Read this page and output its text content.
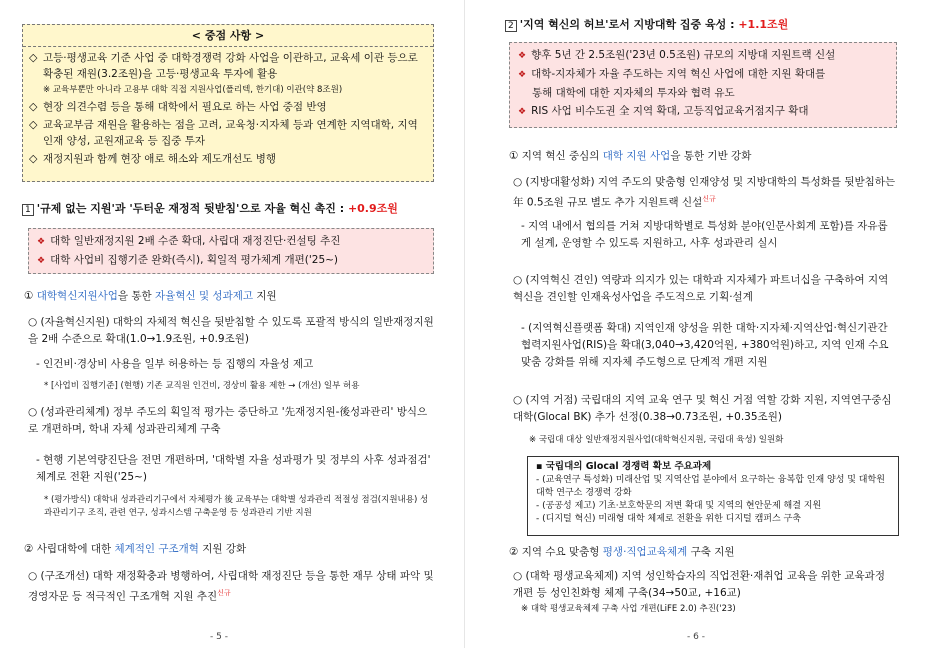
< 중점 사항 >
◇ 고등·평생교육 기준 사업 중 대학경쟁력 강화 사업을 이관하고, 교육세 이관 등으로 확충된 재원(3.2조원)을 고등·평생교육 투자에 활용
※ 교육부뿐만 아니라 고용부 대학 직접 지원사업(폴리텍, 한기대) 이관(약 8조원)
◇ 현장 의견수렴 등을 통해 대학에서 필요로 하는 사업 중점 반영
◇ 교육교부금 재원을 활용하는 점을 고려, 교육청·지자체 등과 연계한 지역대학, 지역인재 양성, 교원재교육 등 집중 투자
◇ 재정지원과 함께 현장 애로 해소와 제도개선도 병행
1 '규제 없는 지원'과 '두터운 재정적 뒷받침'으로 자율 혁신 촉진 : +0.9조원
❖ 대학 일반재정지원 2배 수준 확대, 사립대 재정진단·컨설팅 추진
❖ 대학 사업비 집행기준 완화(즉시), 획일적 평가체계 개편('25~)
① 대학혁신지원사업을 통한 자율혁신 및 성과제고 지원
○ (자율혁신지원) 대학의 자체적 혁신을 뒷받침할 수 있도록 포괄적 방식의 일반재정지원을 2배 수준으로 확대(1.0→1.9조원, +0.9조원)
- 인건비·경상비 사용을 일부 허용하는 등 집행의 자율성 제고
* [사업비 집행기준] (현행) 기존 교직원 인건비, 경상비 활용 제한 → (개선) 일부 허용
○ (성과관리체계) 정부 주도의 획일적 평가는 중단하고 '先재정지원-後성과관리' 방식으로 개편하며, 학내 자체 성과관리체계 구축
- 현행 기본역량진단을 전면 개편하며, '대학별 자율 성과평가 및 정부의 사후 성과점검' 체계로 전환 지원('25~)
* (평가방식) 대학내 성과관리기구에서 자체평가 後 교육부는 대학별 성과관리 적절성 점검(지원내용) 성과관리기구 조직, 관련 연구, 성과시스템 구축운영 등 성과관리 기반 지원
② 사립대학에 대한 체계적인 구조개혁 지원 강화
○ (구조개선) 대학 재정확충과 병행하여, 사립대학 재정진단 등을 통한 재무 상태 파악 및 경영자문 등 적극적인 구조개혁 지원 추진$^{신규}$
- 5 -
2 '지역 혁신의 허브'로서 지방대학 집중 육성 : +1.1조원
❖ 향후 5년 간 2.5조원('23년 0.5조원) 규모의 지방대 지원트랙 신설
❖ 대학-지자체가 자율 주도하는 지역 혁신 사업에 대한 지원 확대를
통해 대학에 대한 지자체의 투자와 협력 유도
❖ RIS 사업 비수도권 全 지역 확대, 고등직업교육거점지구 확대
① 지역 혁신 중심의 대학 지원 사업을 통한 기반 강화
○ (지방대활성화) 지역 주도의 맞춤형 인재양성 및 지방대학의 특성화를 뒷받침하는 年 0.5조원 규모 별도 추가 지원트랙 신설$^{신규}$
- 지역 내에서 협의를 거쳐 지방대학별로 특성화 분야(인문사회계 포함)를 자유롭게 설계, 운영할 수 있도록 지원하고, 사후 성과관리 실시
○ (지역혁신 견인) 역량과 의지가 있는 대학과 지자체가 파트너십을 구축하여 지역혁신을 견인할 인재육성사업을 주도적으로 기획·설계
- (지역혁신플랫폼 확대) 지역인재 양성을 위한 대학·지자체·지역산업·혁신기관간 협력지원사업(RIS)을 확대(3,040→3,420억원, +380억원)하고, 지역 인재 수요 맞춤 강화를 위해 지자체 주도형으로 단계적 개편 지원
○ (지역 거점) 국립대의 지역 교육 연구 및 혁신 거점 역할 강화 지원, 지역연구중심대학(Glocal BK) 추가 선정(0.38→0.73조원, +0.35조원)
※ 국립대 대상 일반재정지원사업(대학혁신지원, 국립대 육성) 일원화
▪ 국립대의 Glocal 경쟁력 확보 주요과제
- (교육연구 특성화) 미래산업 및 지역산업 분야에서 요구하는 융복합 인재 양성 및 대학원대학 연구소 경쟁력 강화
- (공공성 제고) 기초·보호학문의 저변 확대 및 지역의 현안문제 해결 지원
- (디지털 혁신) 미래형 대학 체제로 전환을 위한 디지털 캠퍼스 구축
② 지역 수요 맞춤형 평생·직업교육체계 구축 지원
○ (대학 평생교육체제) 지역 성인학습자의 직업전환·재취업 교육을 위한 교육과정 개편 등 성인친화형 체제 구축(34→50교, +16교)
※ 대학 평생교육체제 구축 사업 개편(LiFE 2.0) 추진('23)
- 6 -
